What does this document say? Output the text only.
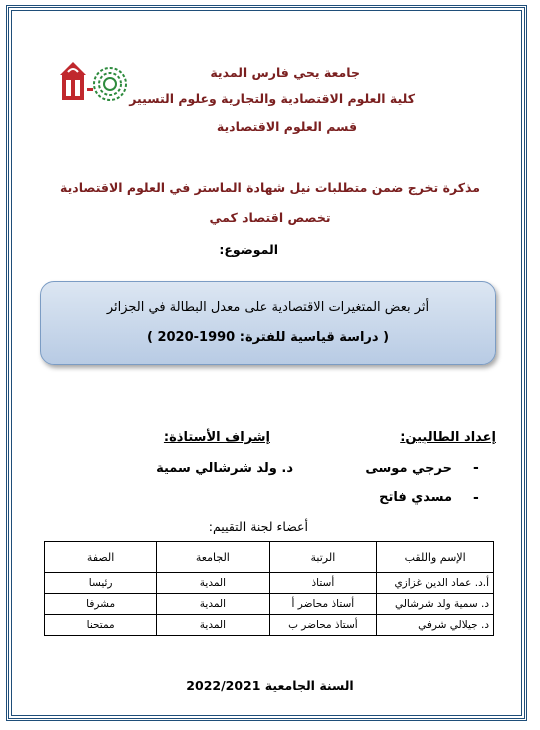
جامعة يحي فارس المدية
كلية العلوم الاقتصادية والتجارية وعلوم التسيير
قسم العلوم الاقتصادية
مذكرة تخرج ضمن متطلبات نيل شهادة الماستر في العلوم الاقتصادية
تخصص اقتصاد كمي
الموضوع:
أثر بعض المتغيرات الاقتصادية على معدل البطالة في الجزائر
( دراسة قياسية للفترة: 1990-2020 )
إعداد الطالبين:
إشراف الأستاذة:
-
حرجي موسى
د. ولد شرشالي سمية
-
مسدي فاتح
أعضاء لجنة التقييم:
الإسم واللقب	الرتبة	الجامعة	الصفة
أ.د. عماد الدين غزازي	أستاذ	المدية	رئيسا
د. سمية ولد شرشالي	أستاذ محاضر أ	المدية	مشرفا
د. جيلالي شرفي	أستاذ محاضر ب	المدية	ممتحنا
السنة الجامعية 2022/2021
